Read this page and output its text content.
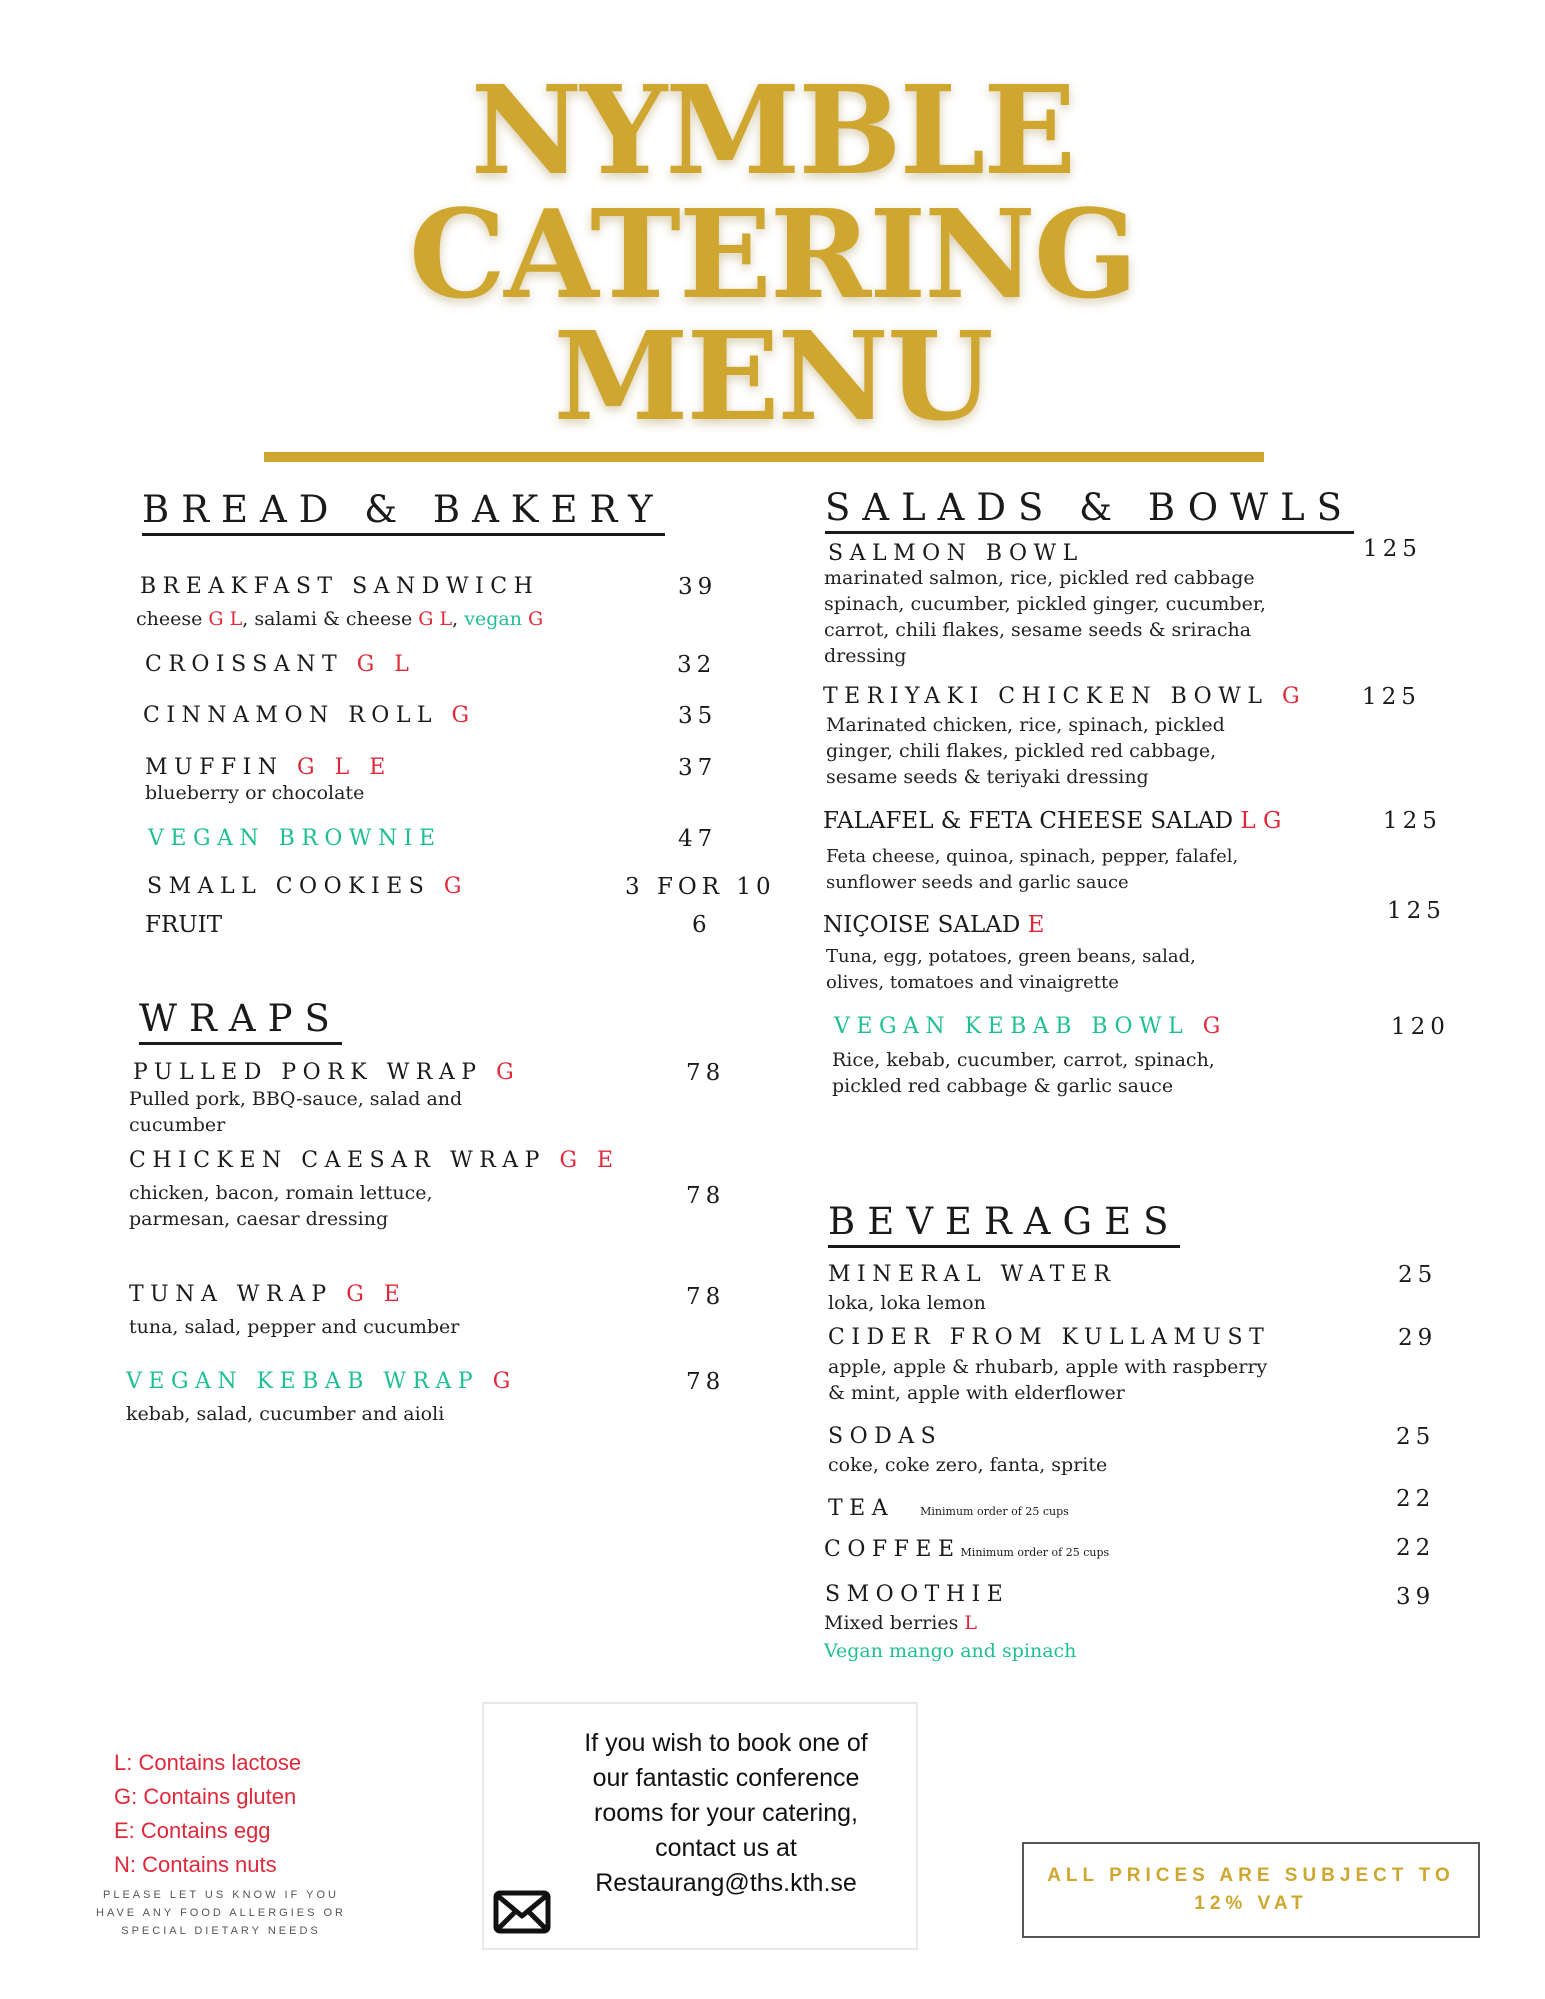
NYMBLE
CATERING
MENU
BREAD & BAKERY
BREAKFAST SANDWICH	39
cheese G L, salami & cheese G L, vegan G
CROISSANT G L	32
CINNAMON ROLL G	35
MUFFIN G L E	37
blueberry or chocolate
VEGAN BROWNIE	47
SMALL COOKIES G	3 FOR 10
FRUIT	6
WRAPS
PULLED PORK WRAP G	78
Pulled pork, BBQ-sauce, salad and cucumber
CHICKEN CAESAR WRAP G E
78
chicken, bacon, romain lettuce, parmesan, caesar dressing
TUNA WRAP G E	78
tuna, salad, pepper and cucumber
VEGAN KEBAB WRAP G	78
kebab, salad, cucumber and aioli
SALADS & BOWLS
SALMON BOWL	125
marinated salmon, rice, pickled red cabbage spinach, cucumber, pickled ginger, cucumber, carrot, chili flakes, sesame seeds & sriracha dressing
TERIYAKI CHICKEN BOWL G 125
Marinated chicken, rice, spinach, pickled ginger, chili flakes, pickled red cabbage, sesame seeds & teriyaki dressing
FALAFEL & FETA CHEESE SALAD L G	125
Feta cheese, quinoa, spinach, pepper, falafel, sunflower seeds and garlic sauce
NIÇOISE SALAD E
125
Tuna, egg, potatoes, green beans, salad, olives, tomatoes and vinaigrette
VEGAN KEBAB BOWL G	120
Rice, kebab, cucumber, carrot, spinach, pickled red cabbage & garlic sauce
BEVERAGES
MINERAL WATER	25
loka, loka lemon
CIDER FROM KULLAMUST	29
apple, apple & rhubarb, apple with raspberry & mint, apple with elderflower
SODAS	25
coke, coke zero, fanta, sprite
TEA Minimum order of 25 cups	22
COFFEEMinimum order of 25 cups	22
SMOOTHIE	39
Mixed berries L
Vegan mango and spinach
L: Contains lactose
G: Contains gluten
E: Contains egg
N: Contains nuts
PLEASE LET US KNOW IF YOU HAVE ANY FOOD ALLERGIES OR SPECIAL DIETARY NEEDS
If you wish to book one of
our fantastic conference
rooms for your catering,
contact us at
Restaurang@ths.kth.se	ALL PRICES ARE SUBJECT TO
12% VAT
